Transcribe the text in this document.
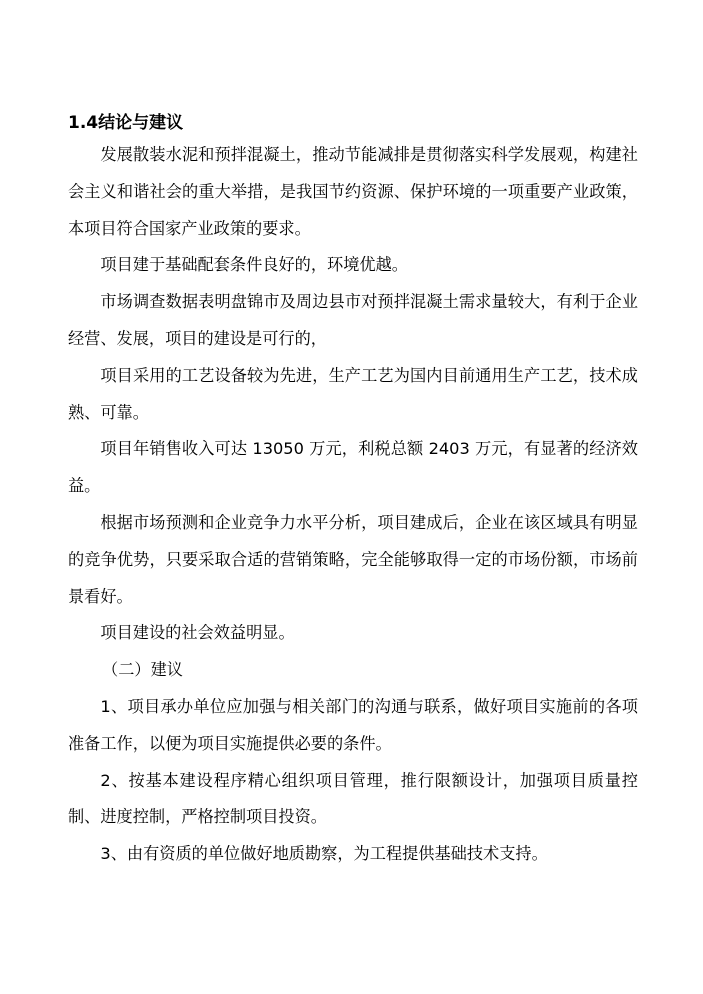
1.4结论与建议

发展散装水泥和预拌混凝土，推动节能减排是贯彻落实科学发展观，构建社会主义和谐社会的重大举措，是我国节约资源、保护环境的一项重要产业政策，本项目符合国家产业政策的要求。

项目建于基础配套条件良好的，环境优越。

市场调查数据表明盘锦市及周边县市对预拌混凝土需求量较大，有利于企业经营、发展，项目的建设是可行的，

项目采用的工艺设备较为先进，生产工艺为国内目前通用生产工艺，技术成熟、可靠。

项目年销售收入可达 13050 万元，利税总额 2403 万元，有显著的经济效益。

根据市场预测和企业竞争力水平分析，项目建成后，企业在该区域具有明显的竞争优势，只要采取合适的营销策略，完全能够取得一定的市场份额，市场前景看好。

项目建设的社会效益明显。

（二）建议

1、项目承办单位应加强与相关部门的沟通与联系，做好项目实施前的各项准备工作，以便为项目实施提供必要的条件。

2、按基本建设程序精心组织项目管理，推行限额设计，加强项目质量控制、进度控制，严格控制项目投资。

3、由有资质的单位做好地质勘察，为工程提供基础技术支持。
